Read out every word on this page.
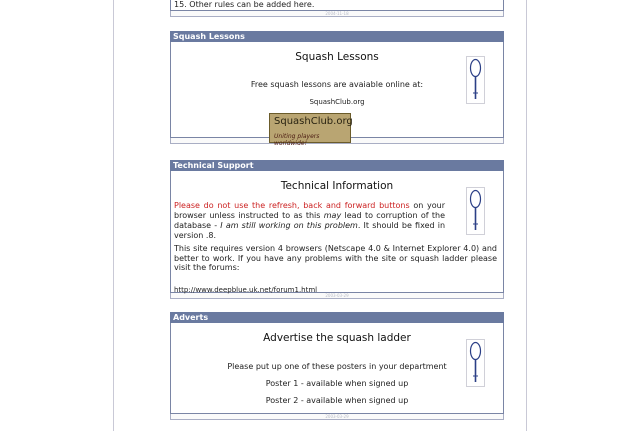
15. Other rules can be added here.
2004-11-18
Squash Lessons
Squash Lessons
Free squash lessons are avaiable online at:
SquashClub.org
SquashClub.org
Uniting players worldwide!
Technical Support
Technical Information
Please do not use the refresh, back and forward buttons on your browser unless instructed to as this may lead to corruption of the database - I am still working on this problem. It should be fixed in version .8.
This site requires version 4 browsers (Netscape 4.0 & Internet Explorer 4.0) and better to work. If you have any problems with the site or squash ladder please visit the forums:
http://www.deepblue.uk.net/forum1.html
2003-03-29
Adverts
Advertise the squash ladder
Please put up one of these posters in your department
Poster 1 - available when signed up
Poster 2 - available when signed up
2003-03-29
